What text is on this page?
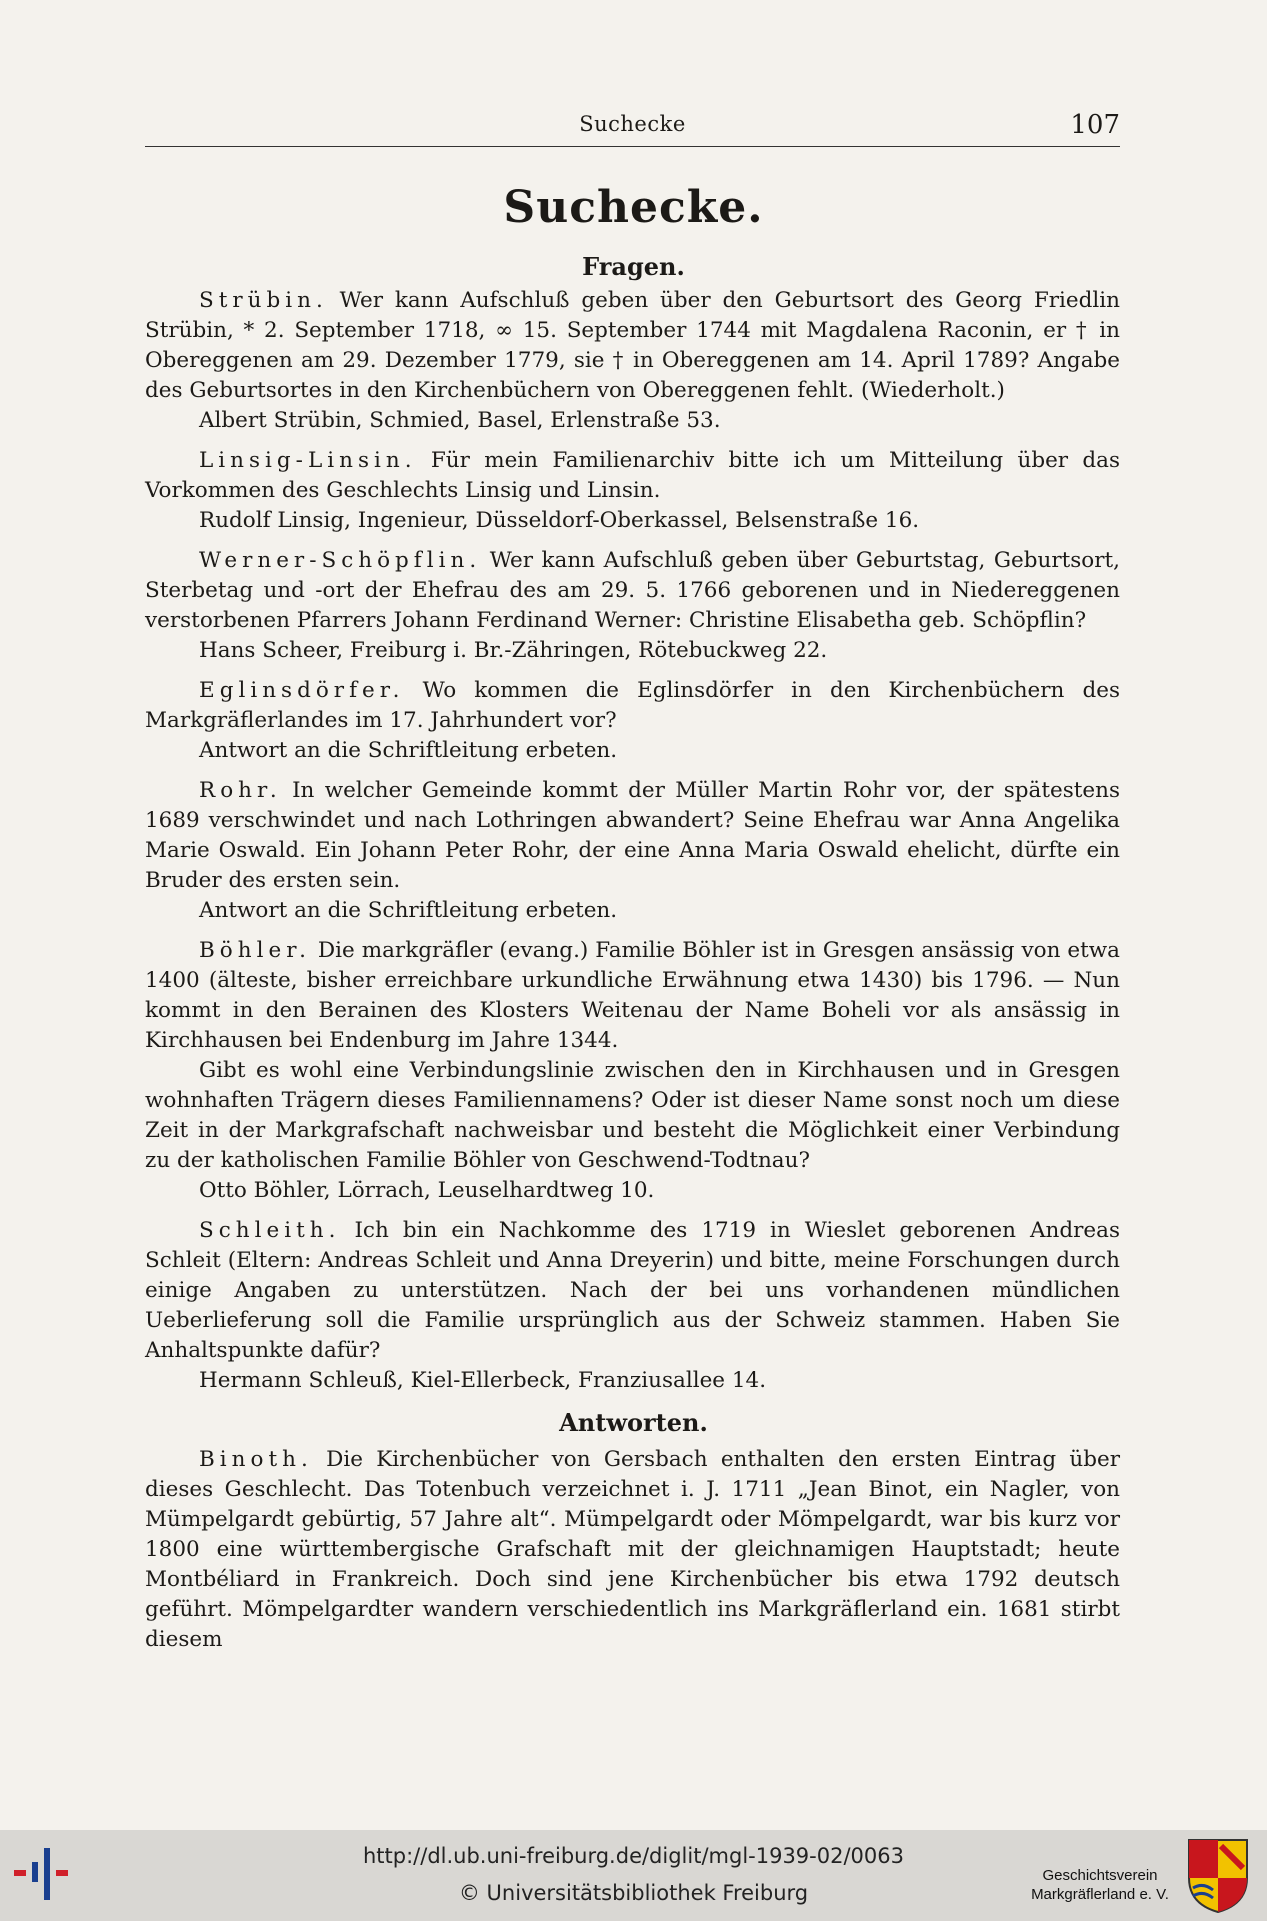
Suchecke	107
Suchecke.
Fragen.

Strübin. Wer kann Aufschluß geben über den Geburtsort des Georg Friedlin Strübin, * 2. September 1718, ∞ 15. September 1744 mit Magdalena Raconin, er † in Obereggenen am 29. Dezember 1779, sie † in Obereggenen am 14. April 1789? Angabe des Geburtsortes in den Kirchenbüchern von Obereggenen fehlt. (Wiederholt.)

Albert Strübin, Schmied, Basel, Erlenstraße 53.

Linsig-Linsin. Für mein Familienarchiv bitte ich um Mitteilung über das Vorkommen des Geschlechts Linsig und Linsin.

Rudolf Linsig, Ingenieur, Düsseldorf-Oberkassel, Belsenstraße 16.

Werner-Schöpflin. Wer kann Aufschluß geben über Geburtstag, Geburtsort, Sterbetag und -ort der Ehefrau des am 29. 5. 1766 geborenen und in Niedereggenen verstorbenen Pfarrers Johann Ferdinand Werner: Christine Elisabetha geb. Schöpflin?

Hans Scheer, Freiburg i. Br.-Zähringen, Rötebuckweg 22.

Eglinsdörfer. Wo kommen die Eglinsdörfer in den Kirchenbüchern des Markgräflerlandes im 17. Jahrhundert vor?

Antwort an die Schriftleitung erbeten.

Rohr. In welcher Gemeinde kommt der Müller Martin Rohr vor, der spätestens 1689 verschwindet und nach Lothringen abwandert? Seine Ehefrau war Anna Angelika Marie Oswald. Ein Johann Peter Rohr, der eine Anna Maria Oswald ehelicht, dürfte ein Bruder des ersten sein.

Antwort an die Schriftleitung erbeten.

Böhler. Die markgräfler (evang.) Familie Böhler ist in Gresgen ansässig von etwa 1400 (älteste, bisher erreichbare urkundliche Erwähnung etwa 1430) bis 1796. — Nun kommt in den Berainen des Klosters Weitenau der Name Boheli vor als ansässig in Kirchhausen bei Endenburg im Jahre 1344.

Gibt es wohl eine Verbindungslinie zwischen den in Kirchhausen und in Gresgen wohnhaften Trägern dieses Familiennamens? Oder ist dieser Name sonst noch um diese Zeit in der Markgrafschaft nachweisbar und besteht die Möglichkeit einer Verbindung zu der katholischen Familie Böhler von Geschwend-Todtnau?

Otto Böhler, Lörrach, Leuselhardtweg 10.

Schleith. Ich bin ein Nachkomme des 1719 in Wieslet geborenen Andreas Schleit (Eltern: Andreas Schleit und Anna Dreyerin) und bitte, meine Forschungen durch einige Angaben zu unterstützen. Nach der bei uns vorhandenen mündlichen Ueberlieferung soll die Familie ursprünglich aus der Schweiz stammen. Haben Sie Anhaltspunkte dafür?

Hermann Schleuß, Kiel-Ellerbeck, Franziusallee 14.

Antworten.

Binoth. Die Kirchenbücher von Gersbach enthalten den ersten Eintrag über dieses Geschlecht. Das Totenbuch verzeichnet i. J. 1711 „Jean Binot, ein Nagler, von Mümpelgardt gebürtig, 57 Jahre alt“. Mümpelgardt oder Mömpelgardt, war bis kurz vor 1800 eine württembergische Grafschaft mit der gleichnamigen Hauptstadt; heute Montbéliard in Frankreich. Doch sind jene Kirchenbücher bis etwa 1792 deutsch geführt. Mömpelgardter wandern verschiedentlich ins Markgräflerland ein. 1681 stirbt diesem

http://dl.ub.uni-freiburg.de/diglit/mgl-1939-02/0063
© Universitätsbibliothek Freiburg
Geschichtsverein
Markgräflerland e. V.
